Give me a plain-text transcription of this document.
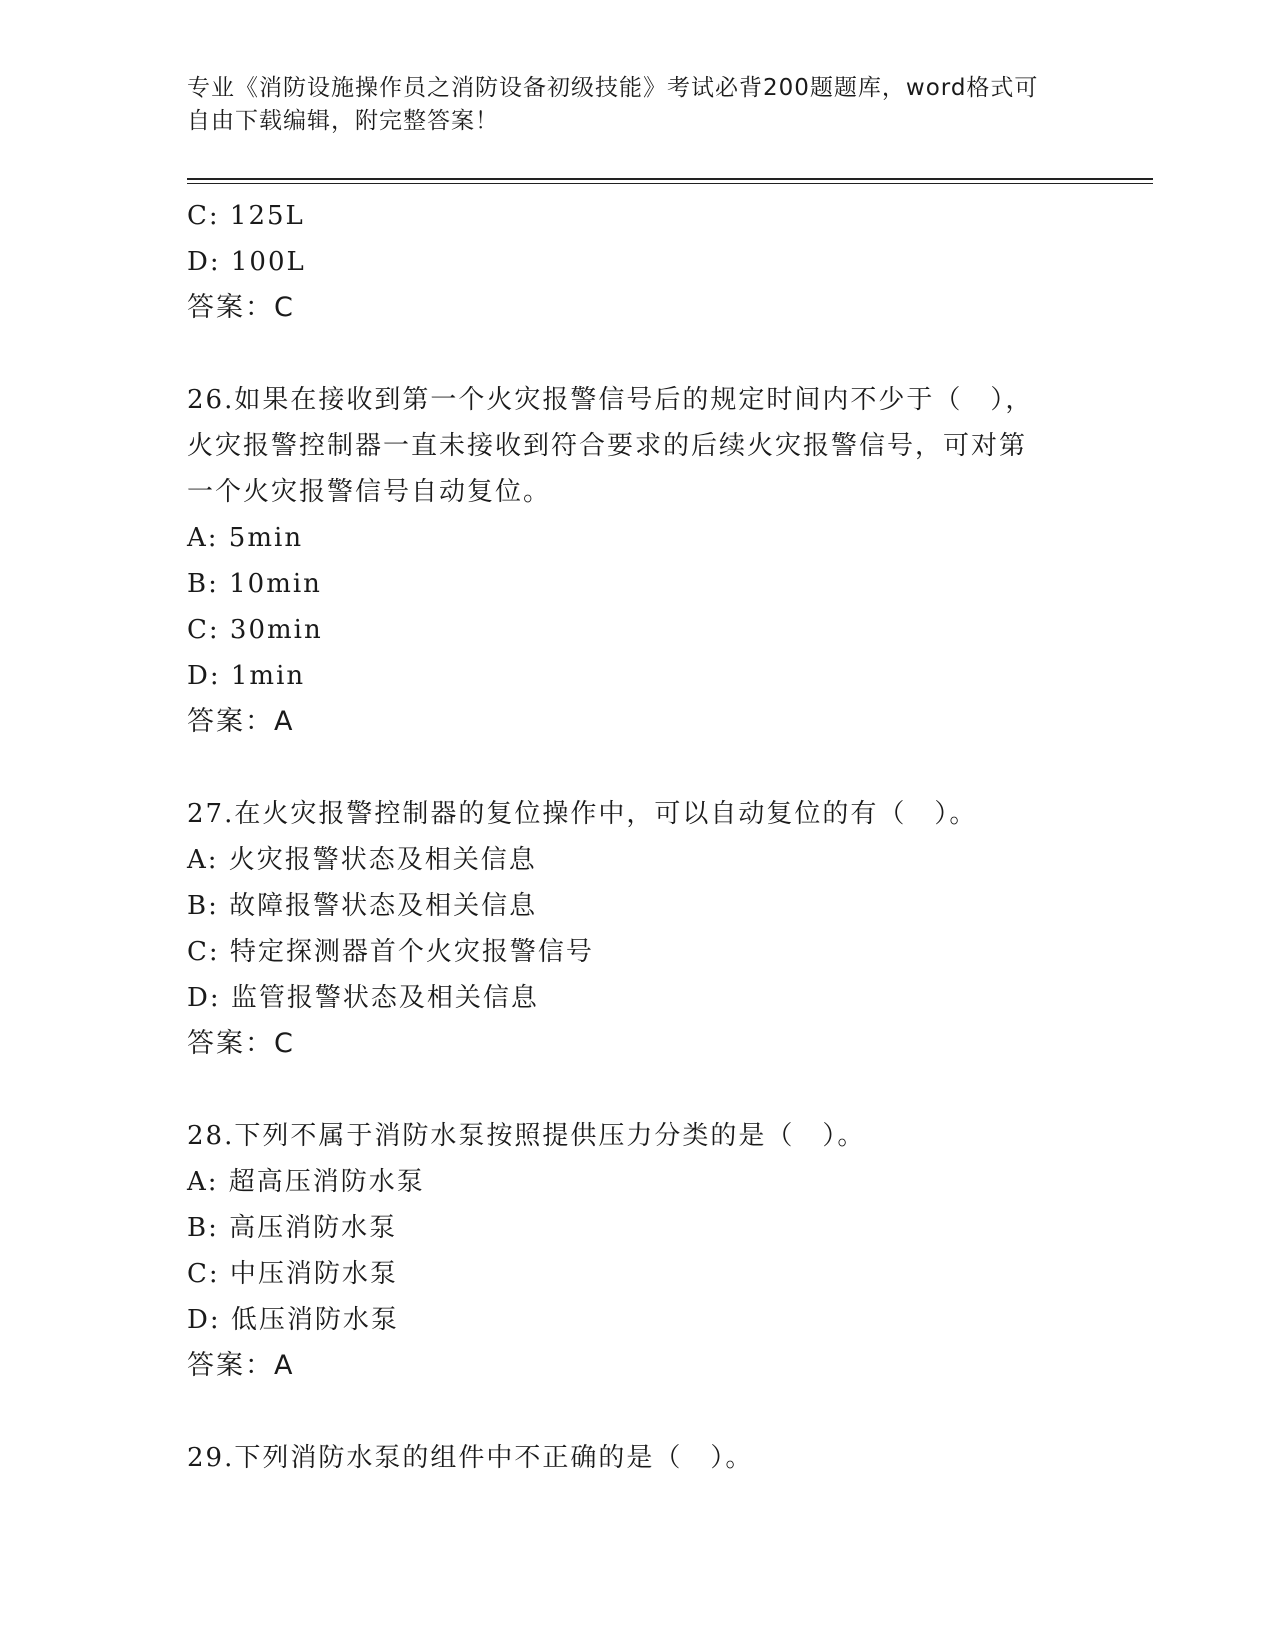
专业《消防设施操作员之消防设备初级技能》考试必背200题题库，word格式可
自由下载编辑，附完整答案！
C: 125L
D: 100L
答案：C
26.如果在接收到第一个火灾报警信号后的规定时间内不少于（　），
火灾报警控制器一直未接收到符合要求的后续火灾报警信号，可对第
一个火灾报警信号自动复位。
A: 5min
B: 10min
C: 30min
D: 1min
答案：A
27.在火灾报警控制器的复位操作中，可以自动复位的有（　）。
A: 火灾报警状态及相关信息
B: 故障报警状态及相关信息
C: 特定探测器首个火灾报警信号
D: 监管报警状态及相关信息
答案：C
28.下列不属于消防水泵按照提供压力分类的是（　）。
A: 超高压消防水泵
B: 高压消防水泵
C: 中压消防水泵
D: 低压消防水泵
答案：A
29.下列消防水泵的组件中不正确的是（　）。
